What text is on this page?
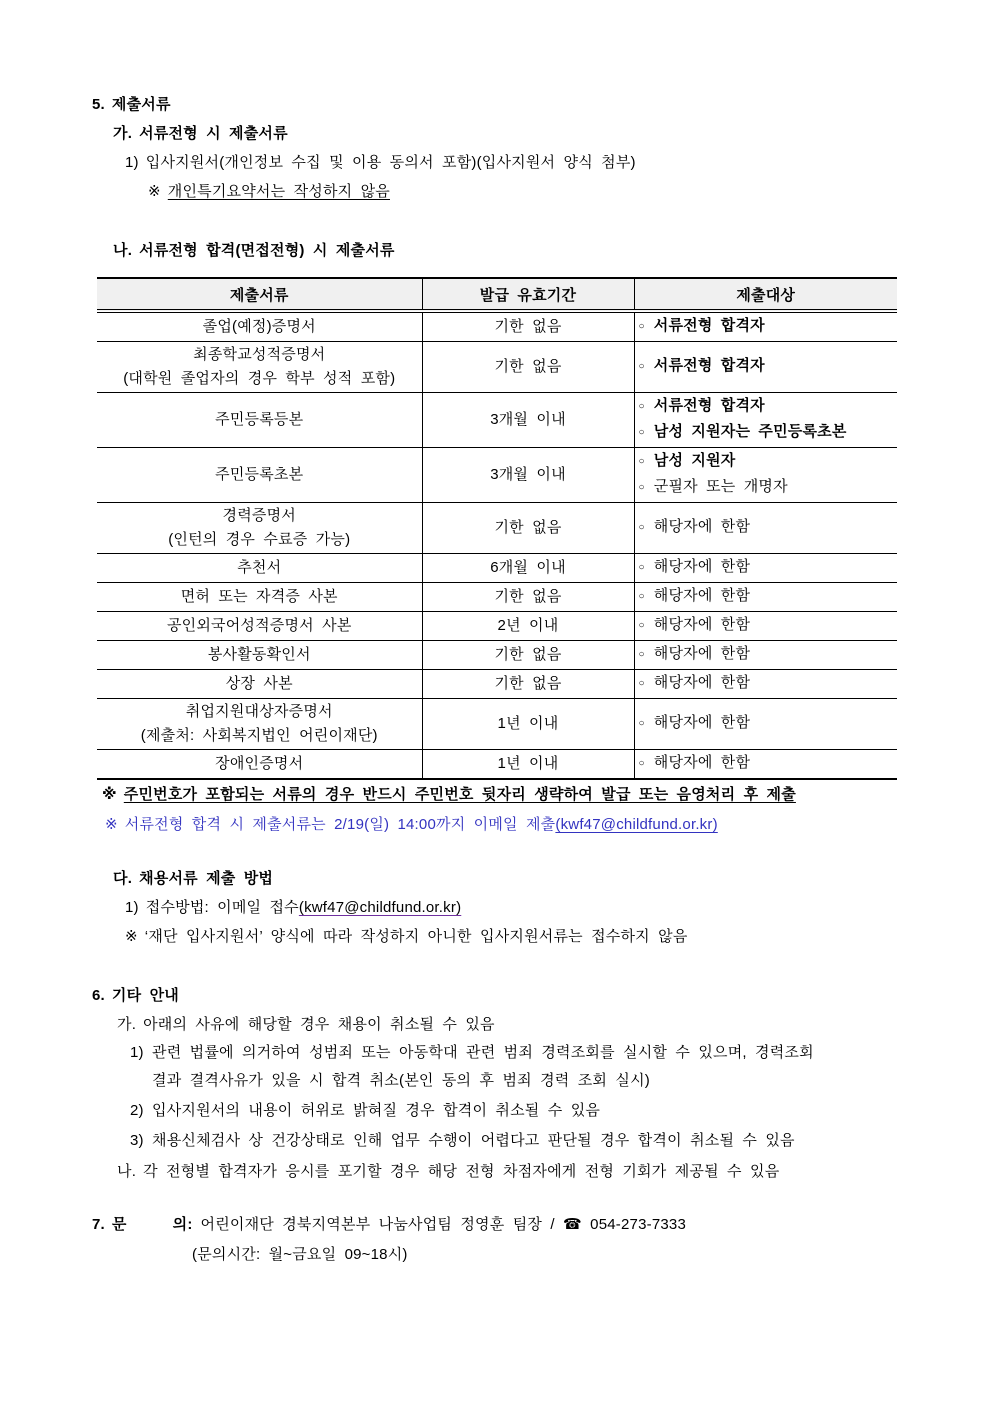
5. 제출서류
가. 서류전형 시 제출서류
1) 입사지원서(개인정보 수집 및 이용 동의서 포함)(입사지원서 양식 첨부)
※ 개인특기요약서는 작성하지 않음
나. 서류전형 합격(면접전형) 시 제출서류
제출서류	발급 유효기간	제출대상

졸업(예정)증명서	기한 없음	○ 서류전형 합격자

최종학교성적증명서
(대학원 졸업자의 경우 학부 성적 포함)	기한 없음	○ 서류전형 합격자

주민등록등본	3개월 이내	○ 서류전형 합격자
○ 남성 지원자는 주민등록초본

주민등록초본	3개월 이내	○ 남성 지원자
○ 군필자 또는 개명자

경력증명서
(인턴의 경우 수료증 가능)	기한 없음	○ 해당자에 한함

추천서	6개월 이내	○ 해당자에 한함

면허 또는 자격증 사본	기한 없음	○ 해당자에 한함

공인외국어성적증명서 사본	2년 이내	○ 해당자에 한함

봉사활동확인서	기한 없음	○ 해당자에 한함

상장 사본	기한 없음	○ 해당자에 한함

취업지원대상자증명서
(제출처: 사회복지법인 어린이재단)	1년 이내	○ 해당자에 한함

장애인증명서	1년 이내	○ 해당자에 한함
※ 주민번호가 포함되는 서류의 경우 반드시 주민번호 뒷자리 생략하여 발급 또는 음영처리 후 제출
※ 서류전형 합격 시 제출서류는 2/19(일) 14:00까지 이메일 제출(kwf47@childfund.or.kr)
다. 채용서류 제출 방법
1) 접수방법: 이메일 접수(kwf47@childfund.or.kr)
※ ‘재단 입사지원서’ 양식에 따라 작성하지 아니한 입사지원서류는 접수하지 않음
6. 기타 안내
가. 아래의 사유에 해당할 경우 채용이 취소될 수 있음
1) 관련 법률에 의거하여 성범죄 또는 아동학대 관련 범죄 경력조회를 실시할 수 있으며, 경력조회
결과 결격사유가 있을 시 합격 취소(본인 동의 후 범죄 경력 조회 실시)
2) 입사지원서의 내용이 허위로 밝혀질 경우 합격이 취소될 수 있음
3) 채용신체검사 상 건강상태로 인해 업무 수행이 어렵다고 판단될 경우 합격이 취소될 수 있음
나. 각 전형별 합격자가 응시를 포기할 경우 해당 전형 차점자에게 전형 기회가 제공될 수 있음
7. 문	의: 어린이재단 경북지역본부 나눔사업팀 정영훈 팀장 / ☎ 054-273-7333
(문의시간: 월~금요일 09~18시)
